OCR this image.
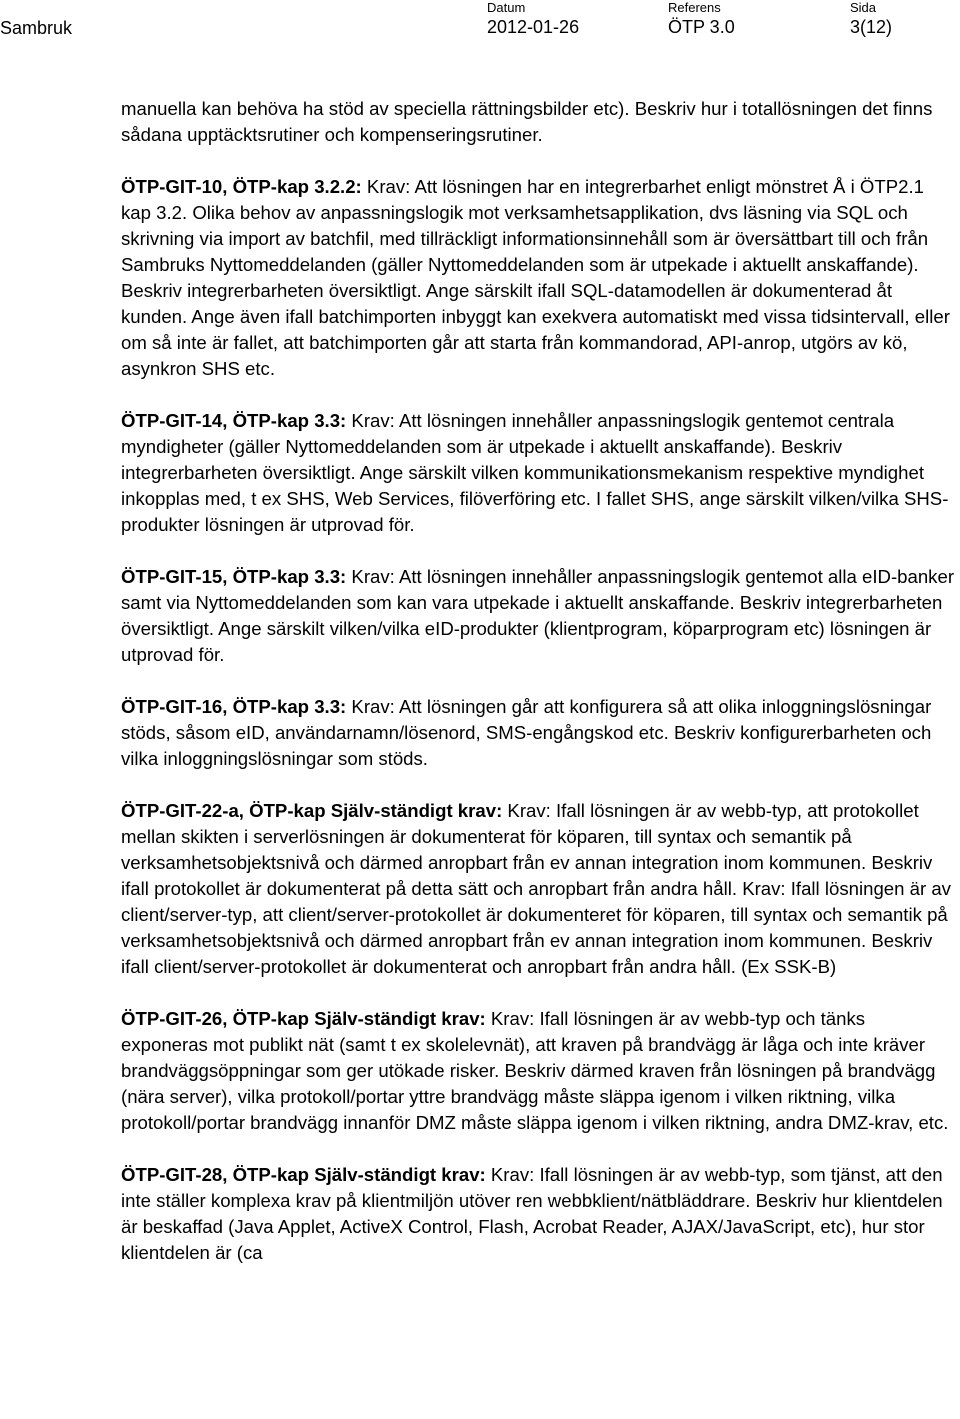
Sambruk
Datum
2012-01-26
Referens
ÖTP 3.0
Sida
3(12)

manuella kan behöva ha stöd av speciella rättningsbilder etc). Beskriv hur i totallösningen det finns sådana upptäcktsrutiner och kompenseringsrutiner.

ÖTP-GIT-10, ÖTP-kap 3.2.2: Krav: Att lösningen har en integrerbarhet enligt mönstret Å i ÖTP2.1 kap 3.2. Olika behov av anpassningslogik mot verksamhetsapplikation, dvs läsning via SQL och skrivning via import av batchfil, med tillräckligt informationsinnehåll som är översättbart till och från Sambruks Nyttomeddelanden (gäller Nyttomeddelanden som är utpekade i aktuellt anskaffande). Beskriv integrerbarheten översiktligt. Ange särskilt ifall SQL-datamodellen är dokumenterad åt kunden. Ange även ifall batchimporten inbyggt kan exekvera automatiskt med vissa tidsintervall, eller om så inte är fallet, att batchimporten går att starta från kommandorad, API-anrop, utgörs av kö, asynkron SHS etc.

ÖTP-GIT-14, ÖTP-kap 3.3: Krav: Att lösningen innehåller anpassningslogik gentemot centrala myndigheter (gäller Nyttomeddelanden som är utpekade i aktuellt anskaffande). Beskriv integrerbarheten översiktligt. Ange särskilt vilken kommunikationsmekanism respektive myndighet inkopplas med, t ex SHS, Web Services, filöverföring etc. I fallet SHS, ange särskilt vilken/vilka SHS-produkter lösningen är utprovad för.

ÖTP-GIT-15, ÖTP-kap 3.3: Krav: Att lösningen innehåller anpassningslogik gentemot alla eID-banker samt via Nyttomeddelanden som kan vara utpekade i aktuellt anskaffande. Beskriv integrerbarheten översiktligt. Ange särskilt vilken/vilka eID-produkter (klientprogram, köparprogram etc) lösningen är utprovad för.

ÖTP-GIT-16, ÖTP-kap 3.3: Krav: Att lösningen går att konfigurera så att olika inloggningslösningar stöds, såsom eID, användarnamn/lösenord, SMS-engångskod etc. Beskriv konfigurerbarheten och vilka inloggningslösningar som stöds.

ÖTP-GIT-22-a, ÖTP-kap Själv-ständigt krav: Krav: Ifall lösningen är av webb-typ, att protokollet mellan skikten i serverlösningen är dokumenterat för köparen, till syntax och semantik på verksamhetsobjektsnivå och därmed anropbart från ev annan integration inom kommunen. Beskriv ifall protokollet är dokumenterat på detta sätt och anropbart från andra håll. Krav: Ifall lösningen är av client/server-typ, att client/server-protokollet är dokumenteret för köparen, till syntax och semantik på verksamhetsobjektsnivå och därmed anropbart från ev annan integration inom kommunen. Beskriv ifall client/server-protokollet är dokumenterat och anropbart från andra håll. (Ex SSK-B)

ÖTP-GIT-26, ÖTP-kap Själv-ständigt krav: Krav: Ifall lösningen är av webb-typ och tänks exponeras mot publikt nät (samt t ex skolelevnät), att kraven på brandvägg är låga och inte kräver brandväggsöppningar som ger utökade risker. Beskriv därmed kraven från lösningen på brandvägg (nära server), vilka protokoll/portar yttre brandvägg måste släppa igenom i vilken riktning, vilka protokoll/portar brandvägg innanför DMZ måste släppa igenom i vilken riktning, andra DMZ-krav, etc.

ÖTP-GIT-28, ÖTP-kap Själv-ständigt krav: Krav: Ifall lösningen är av webb-typ, som tjänst, att den inte ställer komplexa krav på klientmiljön utöver ren webbklient/nätbläddrare. Beskriv hur klientdelen är beskaffad (Java Applet, ActiveX Control, Flash, Acrobat Reader, AJAX/JavaScript, etc), hur stor klientdelen är (ca
